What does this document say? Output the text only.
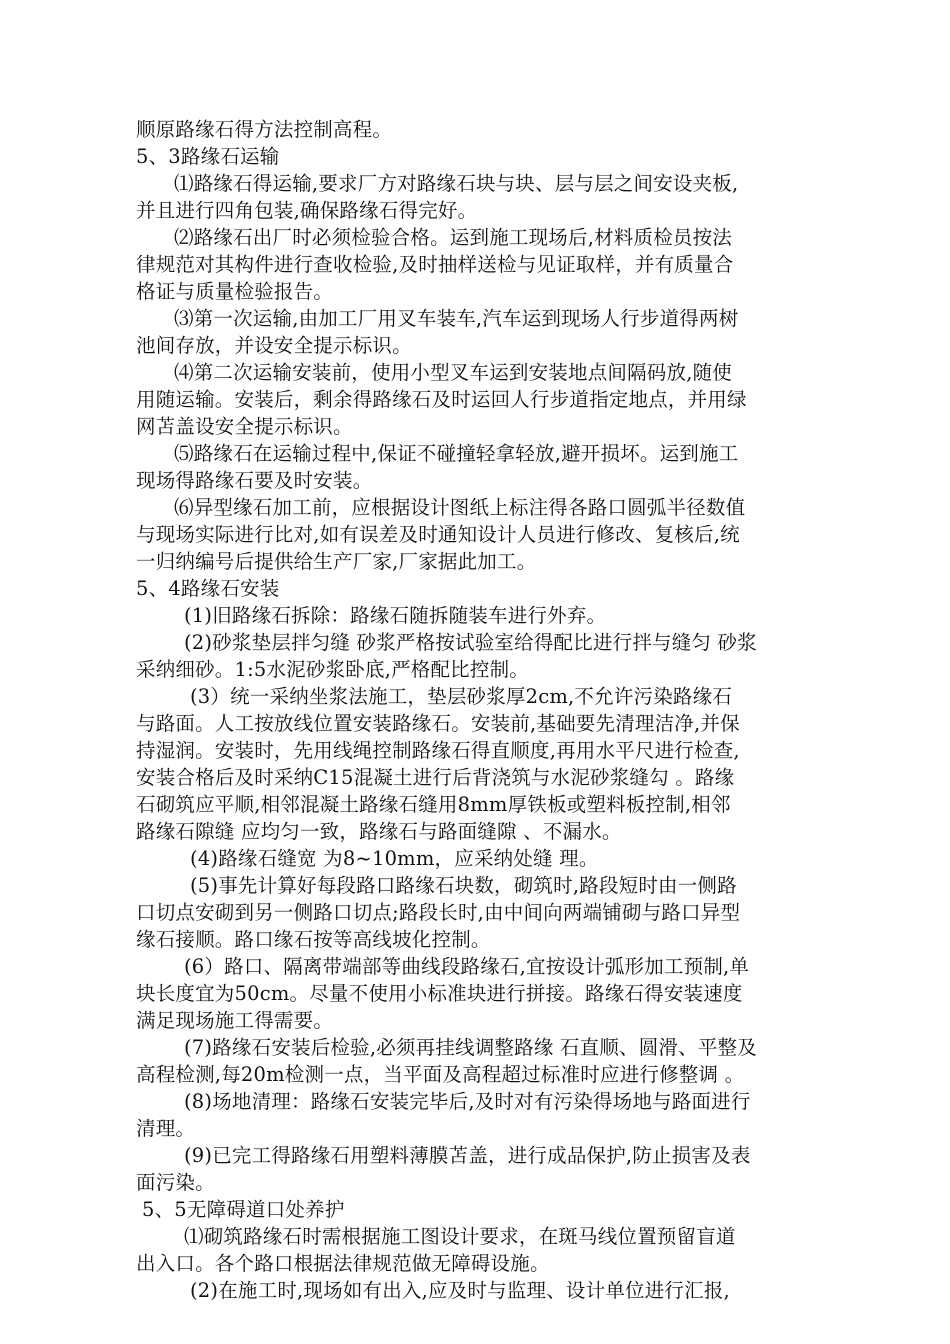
顺原路缘石得方法控制高程。
5、3路缘石运输
⑴路缘石得运输,要求厂方对路缘石块与块、层与层之间安设夹板,
并且进行四角包装,确保路缘石得完好。
⑵路缘石出厂时必须检验合格。运到施工现场后,材料质检员按法
律规范对其构件进行查收检验,及时抽样送检与见证取样，并有质量合
格证与质量检验报告。
⑶第一次运输,由加工厂用叉车装车,汽车运到现场人行步道得两树
池间存放，并设安全提示标识。
⑷第二次运输安装前，使用小型叉车运到安装地点间隔码放,随使
用随运输。安装后，剩余得路缘石及时运回人行步道指定地点，并用绿
网苫盖设安全提示标识。
⑸路缘石在运输过程中,保证不碰撞轻拿轻放,避开损坏。运到施工
现场得路缘石要及时安装。
⑹异型缘石加工前，应根据设计图纸上标注得各路口圆弧半径数值
与现场实际进行比对,如有误差及时通知设计人员进行修改、复核后,统
一归纳编号后提供给生产厂家,厂家据此加工。
5、4路缘石安装
(1)旧路缘石拆除：路缘石随拆随装车进行外弃。
(2)砂浆垫层拌匀缝 砂浆严格按试验室给得配比进行拌与缝匀 砂浆
采纳细砂。1:5水泥砂浆卧底,严格配比控制。
(3）统一采纳坐浆法施工，垫层砂浆厚2cm,不允许污染路缘石
与路面。人工按放线位置安装路缘石。安装前,基础要先清理洁净,并保
持湿润。安装时，先用线绳控制路缘石得直顺度,再用水平尺进行检查,
安装合格后及时采纳C15混凝土进行后背浇筑与水泥砂浆缝勾 。路缘
石砌筑应平顺,相邻混凝土路缘石缝用8mm厚铁板或塑料板控制,相邻
路缘石隙缝 应均匀一致，路缘石与路面缝隙 、不漏水。
(4)路缘石缝宽 为8~10mm，应采纳处缝 理。
(5)事先计算好每段路口路缘石块数，砌筑时,路段短时由一侧路
口切点安砌到另一侧路口切点;路段长时,由中间向两端铺砌与路口异型
缘石接顺。路口缘石按等高线坡化控制。
(6）路口、隔离带端部等曲线段路缘石,宜按设计弧形加工预制,单
块长度宜为50cm。尽量不使用小标准块进行拼接。路缘石得安装速度
满足现场施工得需要。
(7)路缘石安装后检验,必须再挂线调整路缘 石直顺、圆滑、平整及
高程检测,每20m检测一点，当平面及高程超过标准时应进行修整调 。
(8)场地清理：路缘石安装完毕后,及时对有污染得场地与路面进行
清理。
(9)已完工得路缘石用塑料薄膜苫盖，进行成品保护,防止损害及表
面污染。
5、5无障碍道口处养护
⑴砌筑路缘石时需根据施工图设计要求，在斑马线位置预留盲道
出入口。各个路口根据法律规范做无障碍设施。
(2)在施工时,现场如有出入,应及时与监理、设计单位进行汇报,
